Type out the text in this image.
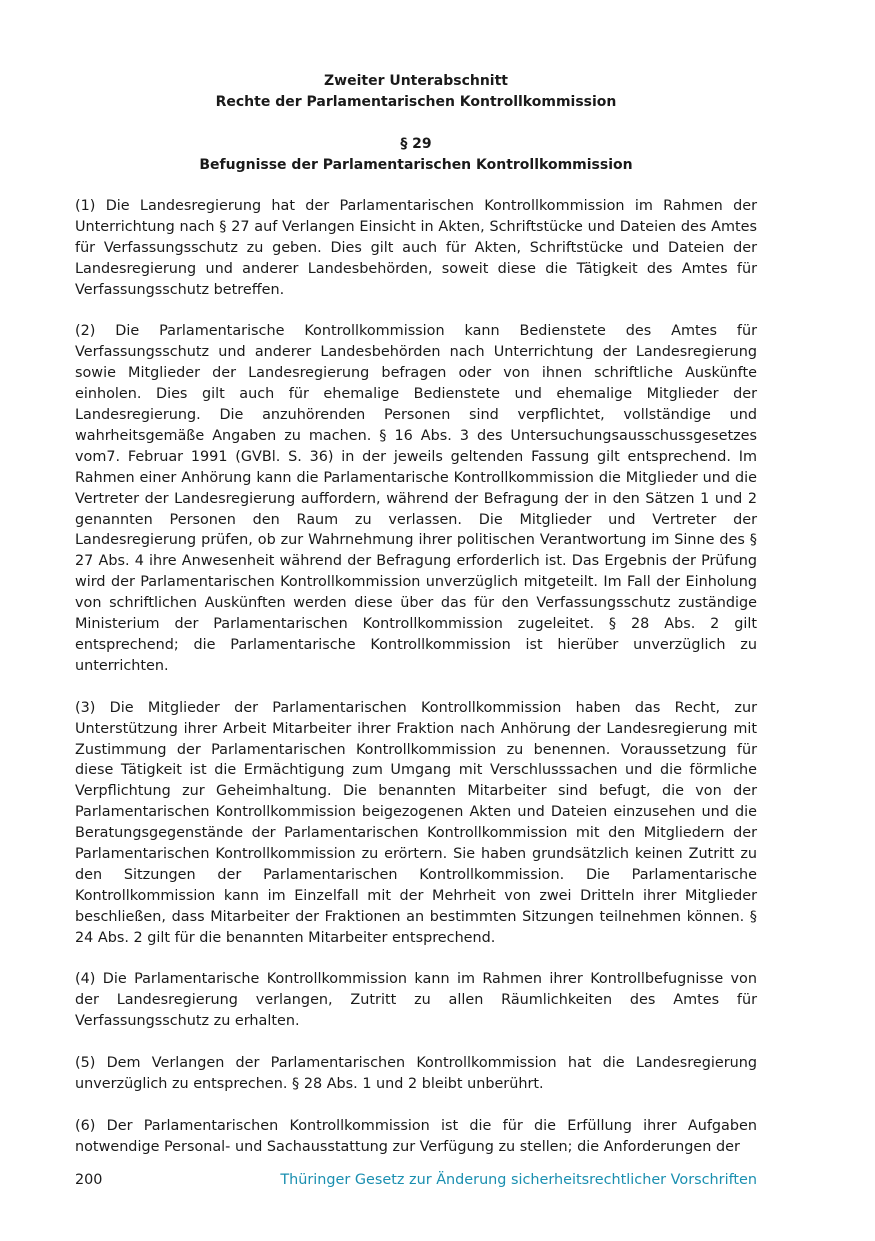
Zweiter Unterabschnitt
Rechte der Parlamentarischen Kontrollkommission
§ 29
Befugnisse der Parlamentarischen Kontrollkommission

(1) Die Landesregierung hat der Parlamentarischen Kontrollkommission im Rahmen der Unterrichtung nach § 27 auf Verlangen Einsicht in Akten, Schriftstücke und Dateien des Amtes für Verfassungsschutz zu geben. Dies gilt auch für Akten, Schriftstücke und Dateien der Landesregierung und anderer Landesbehörden, soweit diese die Tätigkeit des Amtes für Verfassungsschutz betreffen.

(2) Die Parlamentarische Kontrollkommission kann Bedienstete des Amtes für Verfassungsschutz und anderer Landesbehörden nach Unterrichtung der Landesregierung sowie Mitglieder der Landesregierung befragen oder von ihnen schriftliche Auskünfte einholen. Dies gilt auch für ehemalige Bedienstete und ehemalige Mitglieder der Landesregierung. Die anzuhörenden Personen sind verpflichtet, vollständige und wahrheitsgemäße Angaben zu machen. § 16 Abs. 3 des Untersuchungsausschussgesetzes vom7. Februar 1991 (GVBl. S. 36) in der jeweils geltenden Fassung gilt entsprechend. Im Rahmen einer Anhörung kann die Parlamentarische Kontrollkommission die Mitglieder und die Vertreter der Landesregierung auffordern, während der Befragung der in den Sätzen 1 und 2 genannten Personen den Raum zu verlassen. Die Mitglieder und Vertreter der Landesregierung prüfen, ob zur Wahrnehmung ihrer politischen Verantwortung im Sinne des § 27 Abs. 4 ihre Anwesenheit während der Befragung erforderlich ist. Das Ergebnis der Prüfung wird der Parlamentarischen Kontrollkommission unverzüglich mitgeteilt. Im Fall der Einholung von schriftlichen Auskünften werden diese über das für den Verfassungsschutz zuständige Ministerium der Parlamentarischen Kontrollkommission zugeleitet. § 28 Abs. 2 gilt entsprechend; die Parlamentarische Kontrollkommission ist hierüber unverzüglich zu unterrichten.

(3) Die Mitglieder der Parlamentarischen Kontrollkommission haben das Recht, zur Unterstützung ihrer Arbeit Mitarbeiter ihrer Fraktion nach Anhörung der Landesregierung mit Zustimmung der Parlamentarischen Kontrollkommission zu benennen. Voraussetzung für diese Tätigkeit ist die Ermächtigung zum Umgang mit Verschlusssachen und die förmliche Verpflichtung zur Geheimhaltung. Die benannten Mitarbeiter sind befugt, die von der Parlamentarischen Kontrollkommission beigezogenen Akten und Dateien einzusehen und die Beratungsgegenstände der Parlamentarischen Kontrollkommission mit den Mitgliedern der Parlamentarischen Kontrollkommission zu erörtern. Sie haben grundsätzlich keinen Zutritt zu den Sitzungen der Parlamentarischen Kontrollkommission. Die Parlamentarische Kontrollkommission kann im Einzelfall mit der Mehrheit von zwei Dritteln ihrer Mitglieder beschließen, dass Mitarbeiter der Fraktionen an bestimmten Sitzungen teilnehmen können. § 24 Abs. 2 gilt für die benannten Mitarbeiter entsprechend.

(4) Die Parlamentarische Kontrollkommission kann im Rahmen ihrer Kontrollbefugnisse von der Landesregierung verlangen, Zutritt zu allen Räumlichkeiten des Amtes für Verfassungsschutz zu erhalten.

(5) Dem Verlangen der Parlamentarischen Kontrollkommission hat die Landesregierung unverzüglich zu entsprechen. § 28 Abs. 1 und 2 bleibt unberührt.

(6) Der Parlamentarischen Kontrollkommission ist die für die Erfüllung ihrer Aufgaben notwendige Personal- und Sachausstattung zur Verfügung zu stellen; die Anforderungen der

200	Thüringer Gesetz zur Änderung sicherheitsrechtlicher Vorschriften
